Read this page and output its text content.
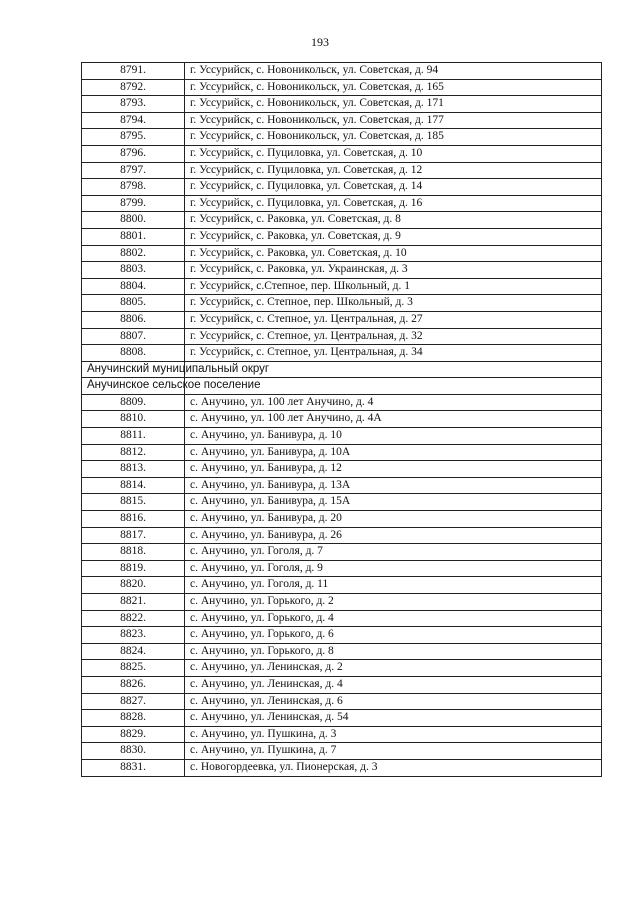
193
8791.	г. Уссурийск, с. Новоникольск, ул. Советская, д. 94
8792.	г. Уссурийск, с. Новоникольск, ул. Советская, д. 165
8793.	г. Уссурийск, с. Новоникольск, ул. Советская, д. 171
8794.	г. Уссурийск, с. Новоникольск, ул. Советская, д. 177
8795.	г. Уссурийск, с. Новоникольск, ул. Советская, д. 185
8796.	г. Уссурийск, с. Пуциловка, ул. Советская, д. 10
8797.	г. Уссурийск, с. Пуциловка, ул. Советская, д. 12
8798.	г. Уссурийск, с. Пуциловка, ул. Советская, д. 14
8799.	г. Уссурийск, с. Пуциловка, ул. Советская, д. 16
8800.	г. Уссурийск, с. Раковка, ул. Советская, д. 8
8801.	г. Уссурийск, с. Раковка, ул. Советская, д. 9
8802.	г. Уссурийск, с. Раковка, ул. Советская, д. 10
8803.	г. Уссурийск, с. Раковка, ул. Украинская, д. 3
8804.	г. Уссурийск, с.Степное, пер. Школьный, д. 1
8805.	г. Уссурийск, с. Степное, пер. Школьный, д. 3
8806.	г. Уссурийск, с. Степное, ул. Центральная, д. 27
8807.	г. Уссурийск, с. Степное, ул. Центральная, д. 32
8808.	г. Уссурийск, с. Степное, ул. Центральная, д. 34
Анучинский муниципальный округ	
Анучинское сельское поселение	
8809.	с. Анучино, ул. 100 лет Анучино, д. 4
8810.	с. Анучино, ул. 100 лет Анучино, д. 4А
8811.	с. Анучино, ул. Банивура, д. 10
8812.	с. Анучино, ул. Банивура, д. 10А
8813.	с. Анучино, ул. Банивура, д. 12
8814.	с. Анучино, ул. Банивура, д. 13А
8815.	с. Анучино, ул. Банивура, д. 15А
8816.	с. Анучино, ул. Банивура, д. 20
8817.	с. Анучино, ул. Банивура, д. 26
8818.	с. Анучино, ул. Гоголя, д. 7
8819.	с. Анучино, ул. Гоголя, д. 9
8820.	с. Анучино, ул. Гоголя, д. 11
8821.	с. Анучино, ул. Горького, д. 2
8822.	с. Анучино, ул. Горького, д. 4
8823.	с. Анучино, ул. Горького, д. 6
8824.	с. Анучино, ул. Горького, д. 8
8825.	с. Анучино, ул. Ленинская, д. 2
8826.	с. Анучино, ул. Ленинская, д. 4
8827.	с. Анучино, ул. Ленинская, д. 6
8828.	с. Анучино, ул. Ленинская, д. 54
8829.	с. Анучино, ул. Пушкина, д. 3
8830.	с. Анучино, ул. Пушкина, д. 7
8831.	с. Новогордеевка, ул. Пионерская, д. 3
